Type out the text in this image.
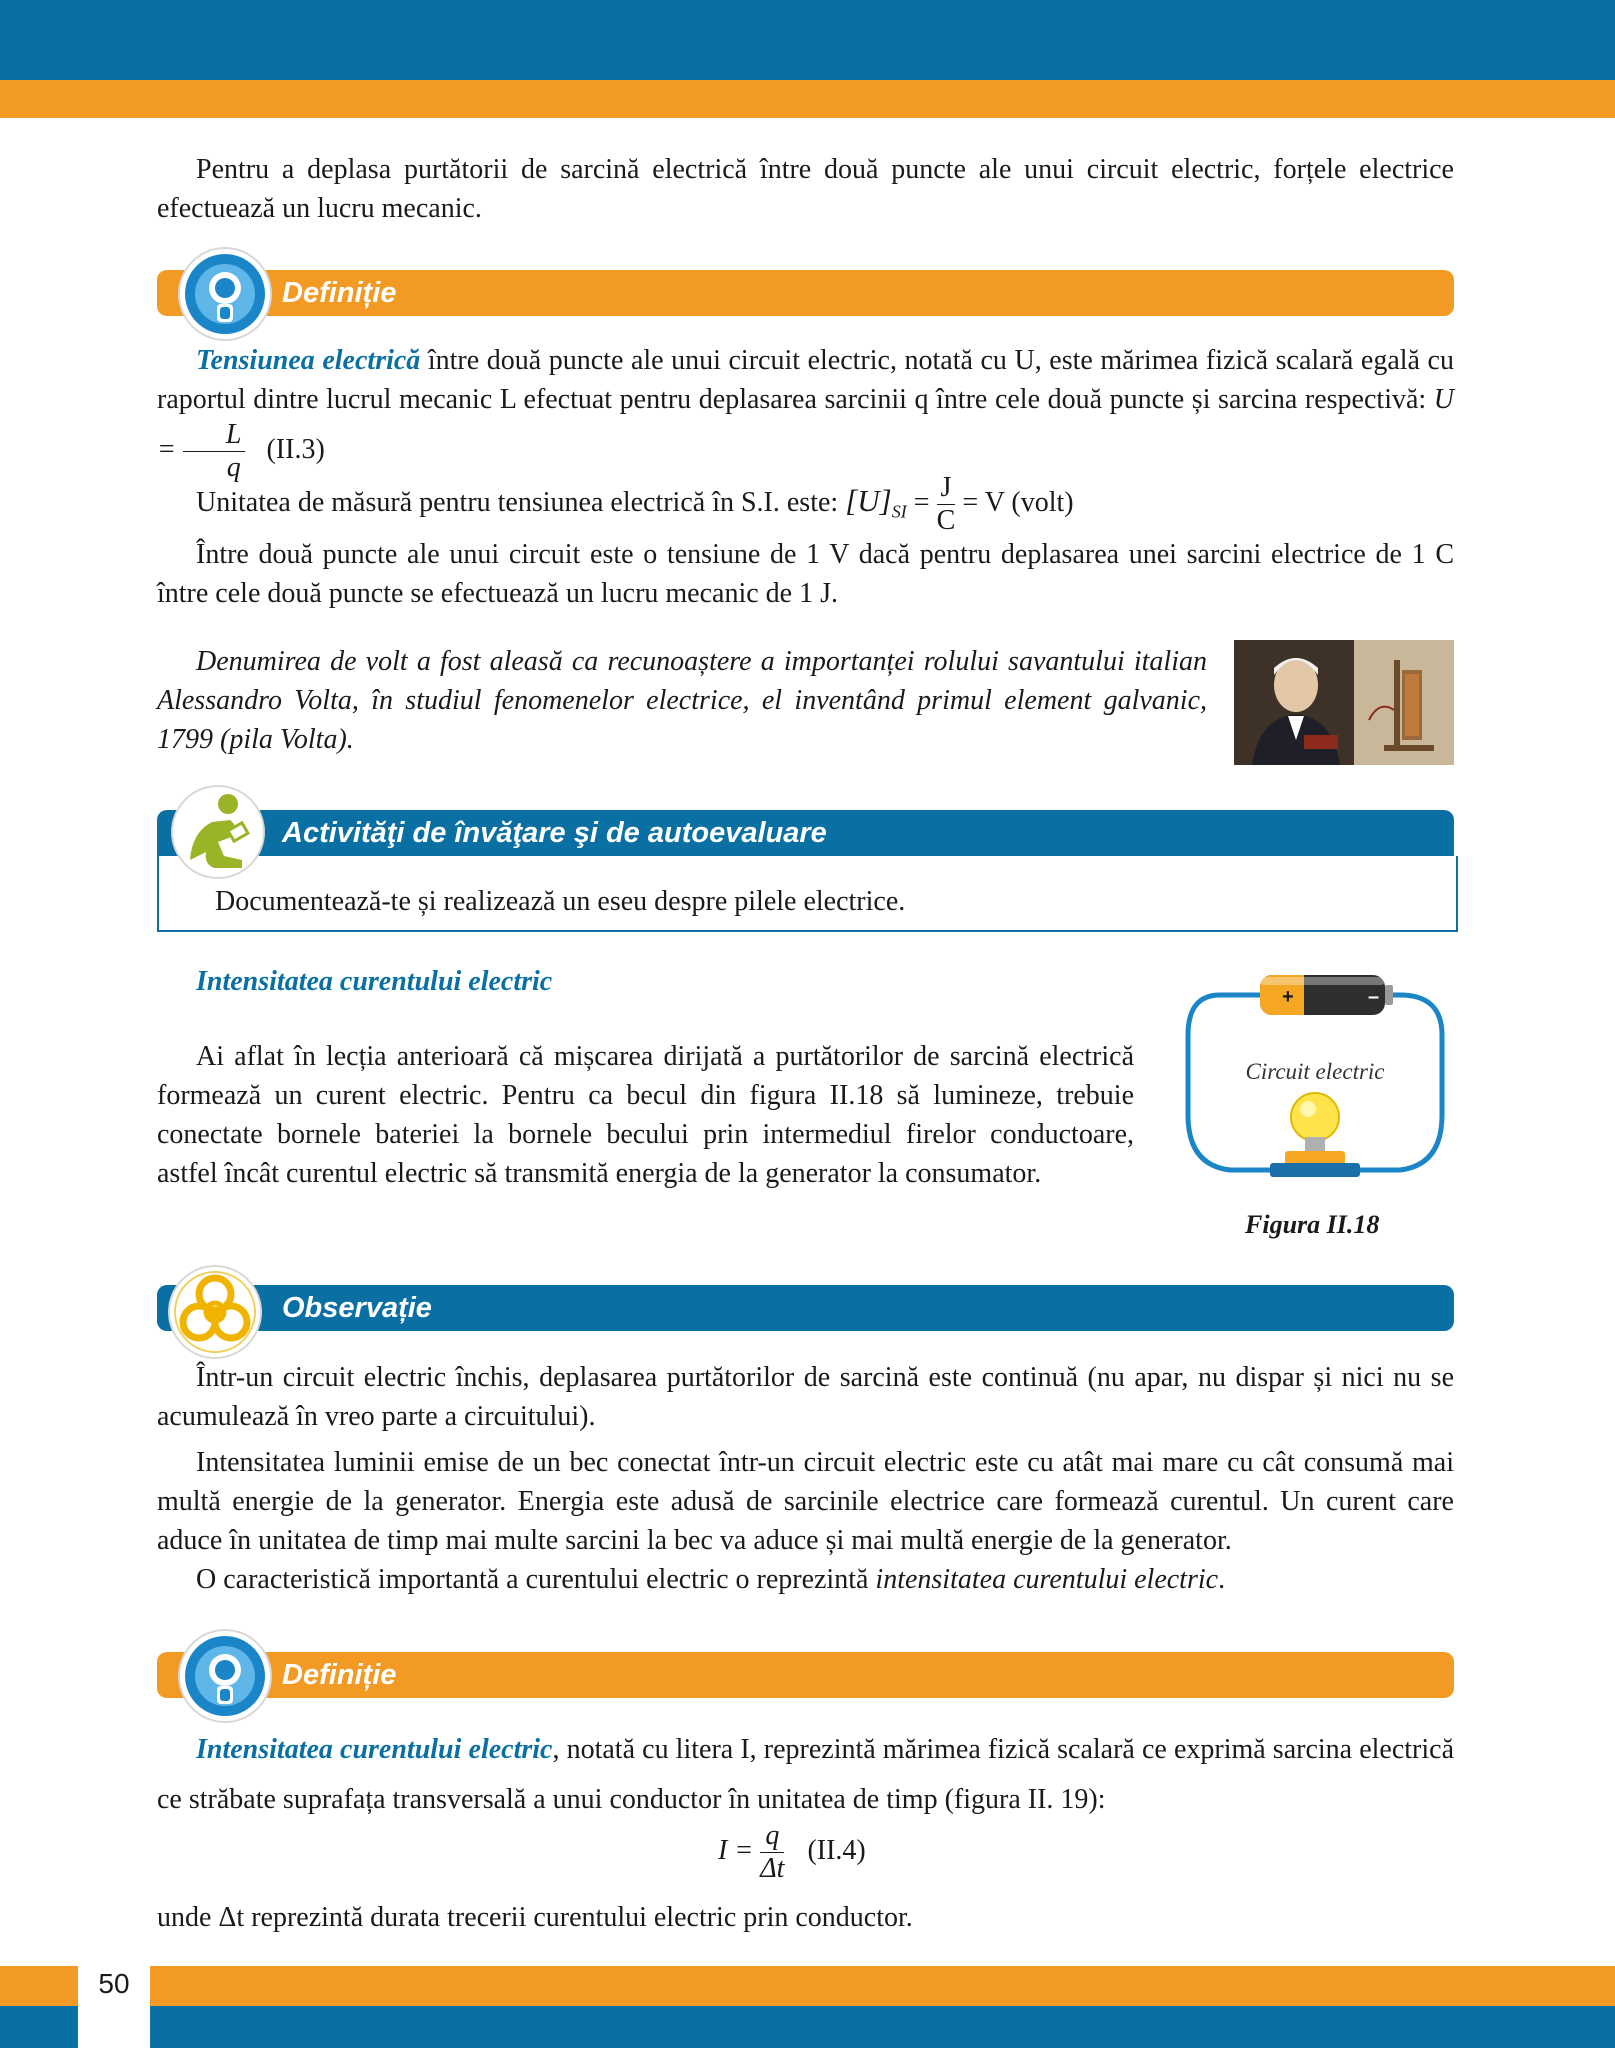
Pentru a deplasa purtătorii de sarcină electrică între două puncte ale unui circuit electric, forțele electrice efectuează un lucru mecanic.

Definiție

Tensiunea electrică între două puncte ale unui circuit electric, notată cu U, este mărimea fizică scalară egală cu raportul dintre lucrul mecanic L efectuat pentru deplasarea sarcinii q între cele două puncte și sarcina respectivă: $U = \frac{L}{q} (II.3)$

Unitatea de măsură pentru tensiunea electrică în S.I. este: $[U]_{SI} = \frac{J}{C} = V$ (volt)

Între două puncte ale unui circuit este o tensiune de 1 V dacă pentru deplasarea unei sarcini electrice de 1 C între cele două puncte se efectuează un lucru mecanic de 1 J.

Denumirea de volt a fost aleasă ca recunoaștere a importanței rolului savantului italian Alessandro Volta, în studiul fenomenelor electrice, el inventând primul element galvanic, 1799 (pila Volta).

Activităţi de învăţare şi de autoevaluare
Documentează-te și realizează un eseu despre pilele electrice.
Intensitatea curentului electric

Ai aflat în lecția anterioară că mișcarea dirijată a purtătorilor de sarcină electrică formează un curent electric. Pentru ca becul din figura II.18 să lumineze, trebuie conectate bornele bateriei la bornele becului prin intermediul firelor conductoare, astfel încât curentul electric să transmită energia de la generator la consumator.

+	–
Circuit electric
Figura II.18
Observație

Într-un circuit electric închis, deplasarea purtătorilor de sarcină este continuă (nu apar, nu dispar și nici nu se acumulează în vreo parte a circuitului).

Intensitatea luminii emise de un bec conectat într-un circuit electric este cu atât mai mare cu cât consumă mai multă energie de la generator. Energia este adusă de sarcinile electrice care formează curentul. Un curent care aduce în unitatea de timp mai multe sarcini la bec va aduce și mai multă energie de la generator.

O caracteristică importantă a curentului electric o reprezintă intensitatea curentului electric.

Definiție

Intensitatea curentului electric, notată cu litera I, reprezintă mărimea fizică scalară ce exprimă sarcina electrică ce străbate suprafața transversală a unui conductor în unitatea de timp (figura II. 19):

$I = \frac{q}{\Delta t} (II.4)$
unde Δt reprezintă durata trecerii curentului electric prin conductor.
50
